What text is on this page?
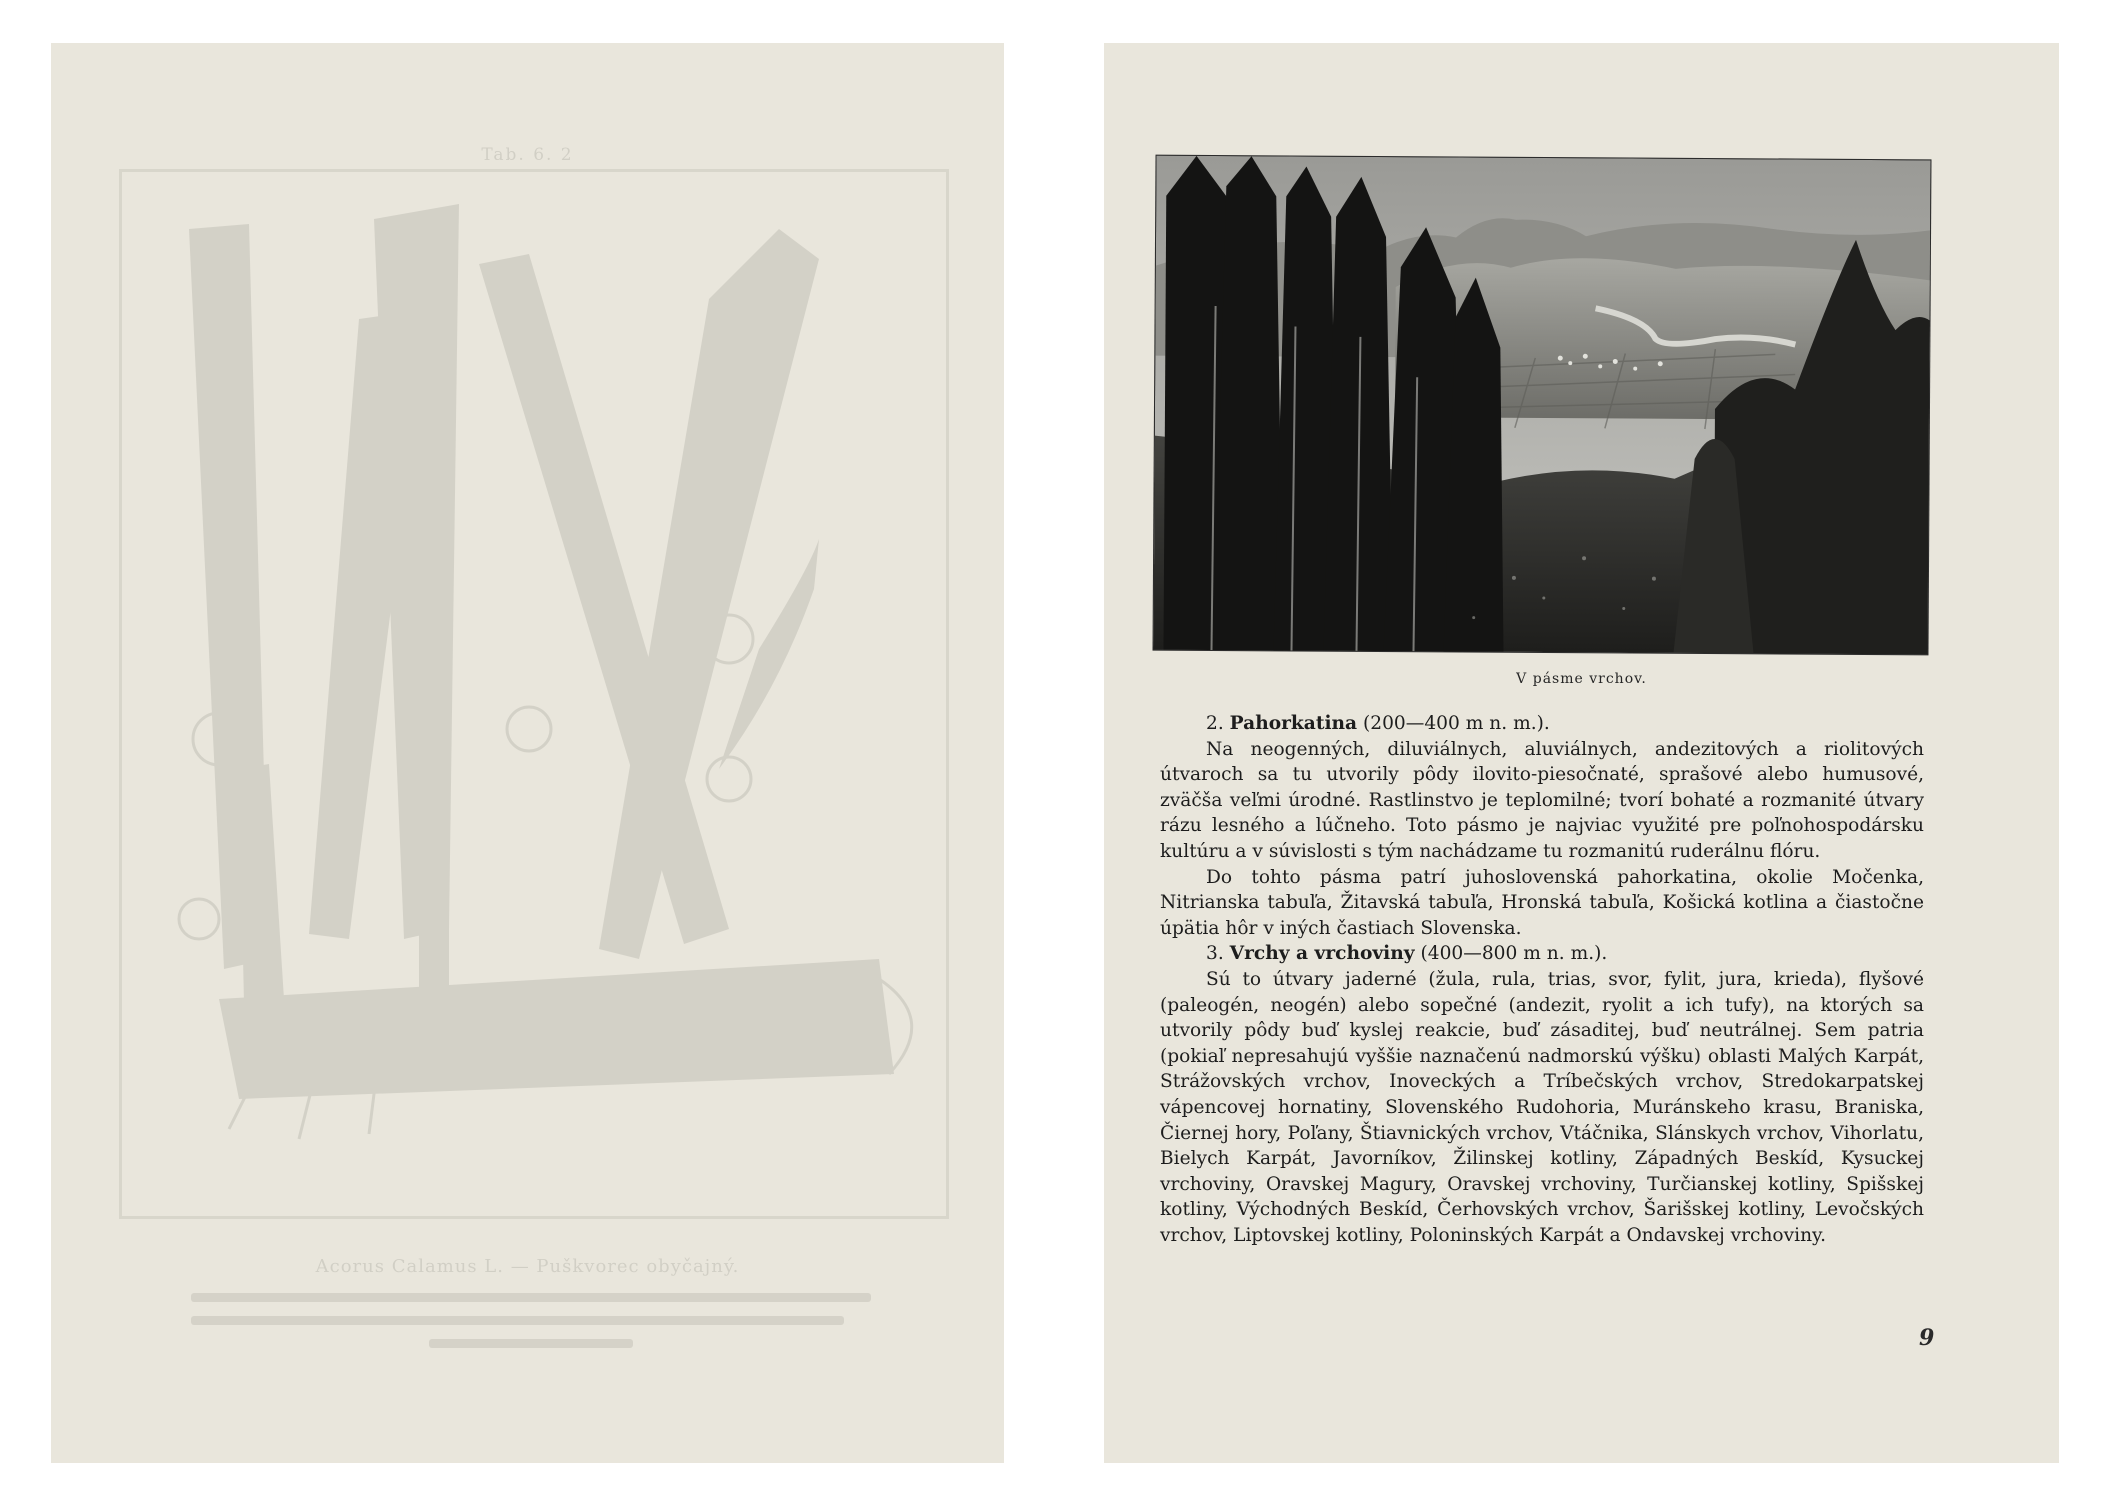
Tab. 6. 2
Acorus Calamus L. — Puškvorec obyčajný.
V pásme vrchov.

2. Pahorkatina (200—400 m n. m.).

Na neogenných, diluviálnych, aluviálnych, andezitových a riolitových útvaroch sa tu utvorily pôdy ilovito-piesočnaté, sprašové alebo humusové, zväčša veľmi úrodné. Rastlinstvo je teplomilné; tvorí bohaté a rozmanité útvary rázu lesného a lúčneho. Toto pásmo je najviac využité pre poľnohospodársku kultúru a v súvislosti s tým nachádzame tu rozmanitú ruderálnu flóru.

Do tohto pásma patrí juhoslovenská pahorkatina, okolie Močenka, Nitrianska tabuľa, Žitavská tabuľa, Hronská tabuľa, Košická kotlina a čiastočne úpätia hôr v iných častiach Slovenska.

3. Vrchy a vrchoviny (400—800 m n. m.).

Sú to útvary jaderné (žula, rula, trias, svor, fylit, jura, krieda), flyšové (paleogén, neogén) alebo sopečné (andezit, ryolit a ich tufy), na ktorých sa utvorily pôdy buď kyslej reakcie, buď zásaditej, buď neutrálnej. Sem patria (pokiaľ nepresahujú vyššie naznačenú nadmorskú výšku) oblasti Malých Karpát, Strážovských vrchov, Inoveckých a Tríbečských vrchov, Stredokarpatskej vápencovej hornatiny, Slovenského Rudohoria, Muránskeho krasu, Braniska, Čiernej hory, Poľany, Štiavnických vrchov, Vtáčnika, Slánskych vrchov, Vihorlatu, Bielych Karpát, Javorníkov, Žilinskej kotliny, Západných Beskíd, Kysuckej vrchoviny, Oravskej Magury, Oravskej vrchoviny, Turčianskej kotliny, Spišskej kotliny, Východných Beskíd, Čerhovských vrchov, Šarišskej kotliny, Levočských vrchov, Liptovskej kotliny, Poloninských Karpát a Ondavskej vrchoviny.

9
